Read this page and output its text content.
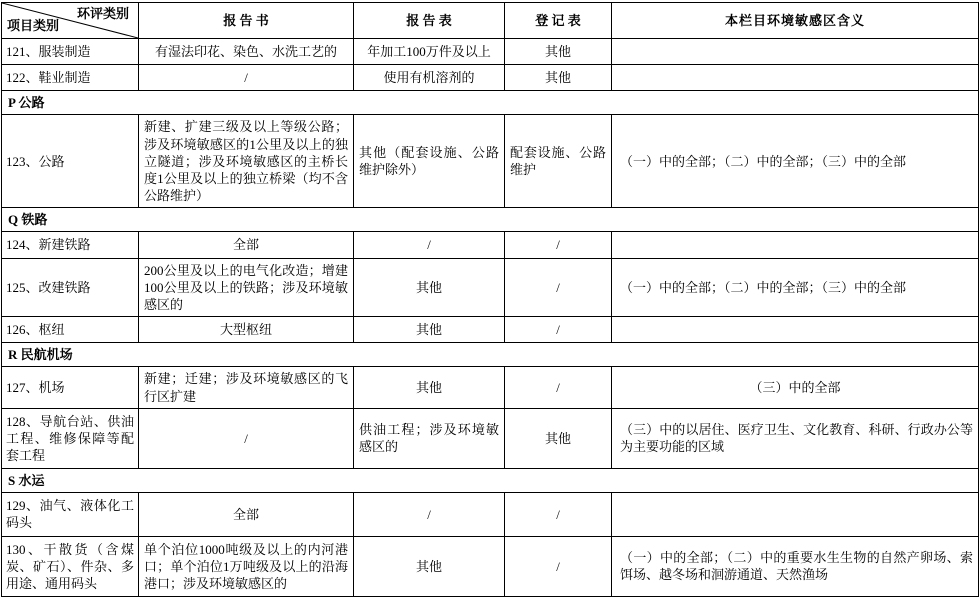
环评类别
项目类别	报 告 书	报 告 表	登 记 表	本栏目环境敏感区含义
121、服装制造	有湿法印花、染色、水洗工艺的	年加工100万件及以上	其他	
122、鞋业制造	/	使用有机溶剂的	其他	
P 公路				
123、公路	新建、扩建三级及以上等级公路；涉及环境敏感区的1公里及以上的独立隧道；涉及环境敏感区的主桥长度1公里及以上的独立桥梁（均不含公路维护）	其他（配套设施、公路维护除外）	配套设施、公路维护	（一）中的全部；（二）中的全部；（三）中的全部
Q 铁路				
124、新建铁路	全部	/	/	
125、改建铁路	200公里及以上的电气化改造；增建100公里及以上的铁路；涉及环境敏感区的	其他	/	（一）中的全部；（二）中的全部；（三）中的全部
126、枢纽	大型枢纽	其他	/	
R 民航机场				
127、机场	新建；迁建；涉及环境敏感区的飞行区扩建	其他	/	（三）中的全部
128、导航台站、供油工程、维修保障等配套工程	/	供油工程；涉及环境敏感区的	其他	（三）中的以居住、医疗卫生、文化教育、科研、行政办公等为主要功能的区域
S 水运				
129、油气、液体化工码头	全部	/	/	
130、干散货（含煤炭、矿石）、件杂、多用途、通用码头	单个泊位1000吨级及以上的内河港口；单个泊位1万吨级及以上的沿海港口；涉及环境敏感区的	其他	/	（一）中的全部；（二）中的重要水生生物的自然产卵场、索饵场、越冬场和洄游通道、天然渔场
